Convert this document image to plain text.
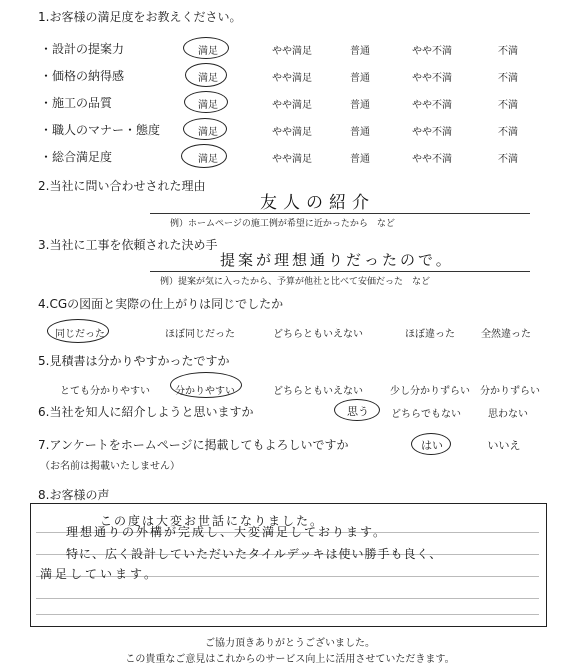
1.お客様の満足度をお教えください。
・設計の提案力	満足	やや満足	普通	やや不満	不満
・価格の納得感	満足	やや満足	普通	やや不満	不満
・施工の品質	満足	やや満足	普通	やや不満	不満
・職人のマナー・態度	満足	やや満足	普通	やや不満	不満
・総合満足度	満足	やや満足	普通	やや不満	不満
2.当社に問い合わせされた理由
友人の紹介
例）ホームページの施工例が希望に近かったから　など
3.当社に工事を依頼された決め手
提案が理想通りだったので。
例）提案が気に入ったから、予算が他社と比べて安価だった　など
4.CGの図面と実際の仕上がりは同じでしたか
同じだった	ほぼ同じだった	どちらともいえない	ほぼ違った	全然違った
5.見積書は分かりやすかったですか
とても分かりやすい	分かりやすい	どちらともいえない	少し分かりずらい 分かりずらい
6.当社を知人に紹介しようと思いますか	思う どちらでもない	思わない
7.アンケートをホームページに掲載してもよろしいですか
（お名前は掲載いたしません）
はい	いいえ
8.お客様の声
この度は大変お世話になりました。
理想通りの外構が完成し、大変満足しております。
特に、広く設計していただいたタイルデッキは使い勝手も良く、
満足しています。
ご協力頂きありがとうございました。
この貴重なご意見はこれからのサービス向上に活用させていただきます。
